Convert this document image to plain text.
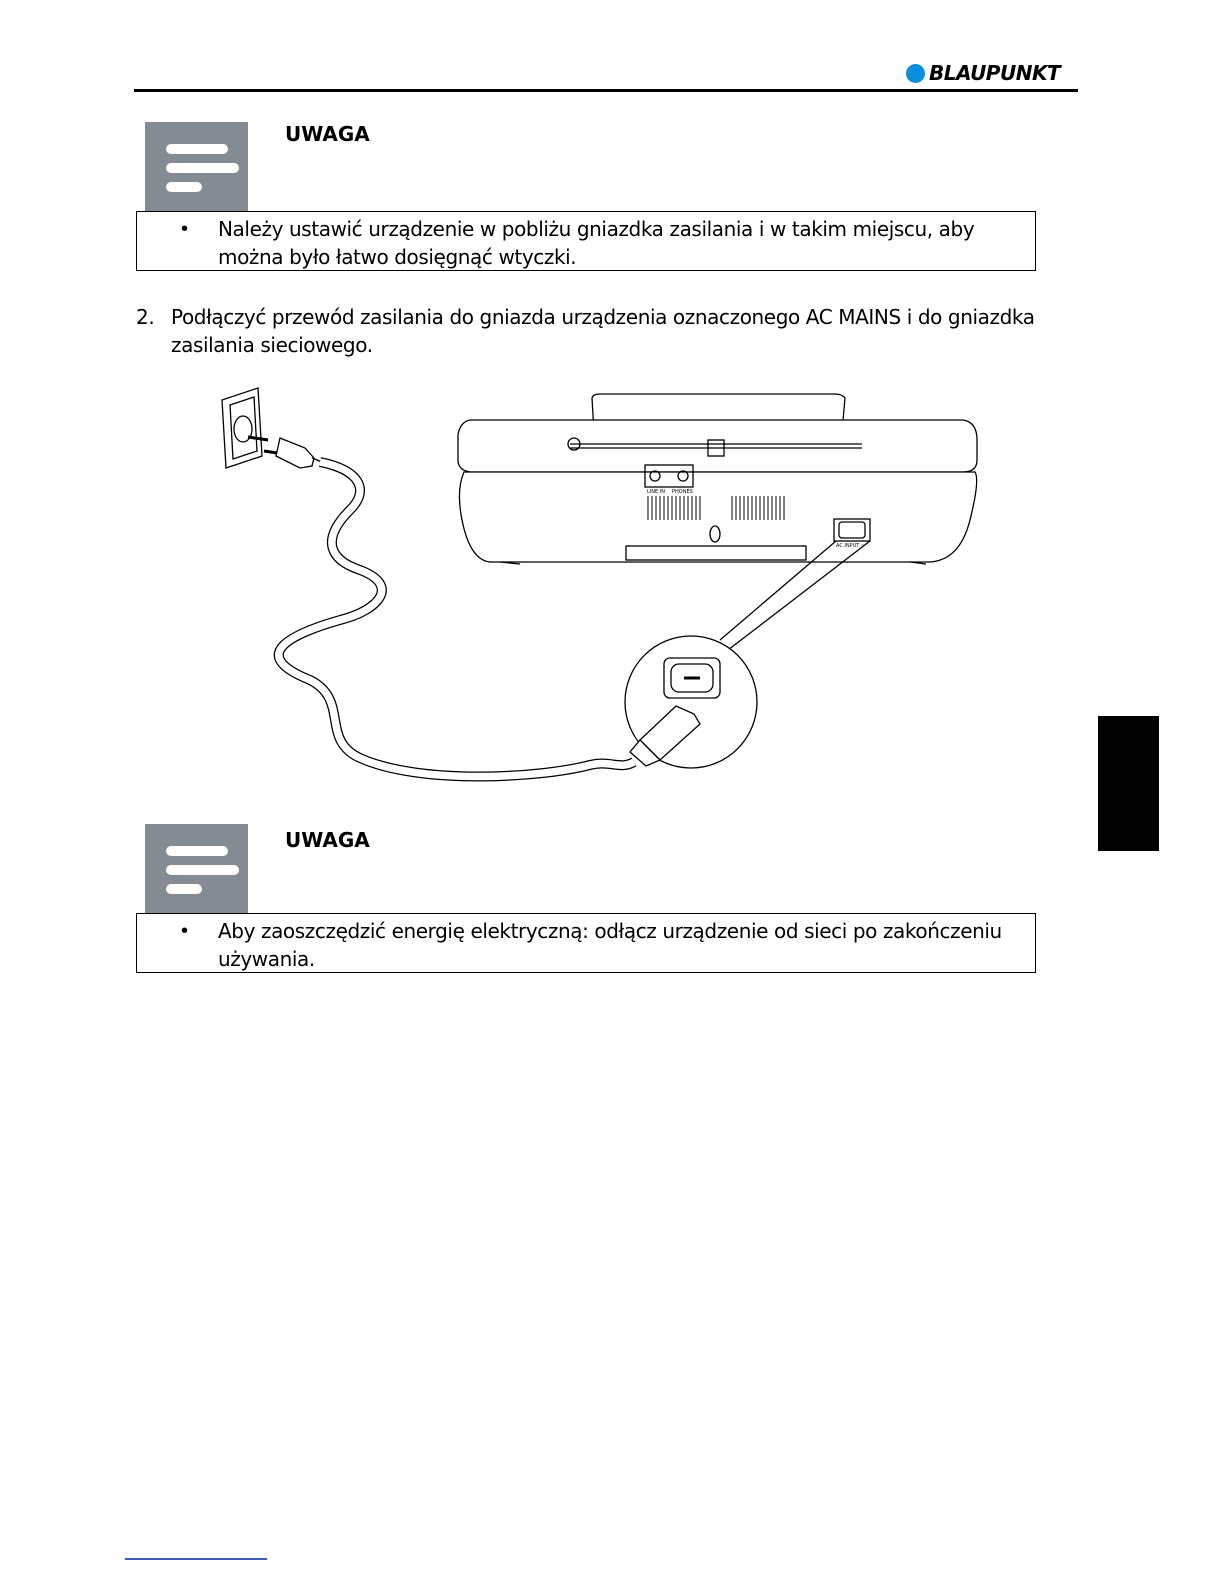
BLAUPUNKT
UWAGA
• Należy ustawić urządzenie w pobliżu gniazdka zasilania i w takim miejscu, aby
można było łatwo dosięgnąć wtyczki.
2. Podłączyć przewód zasilania do gniazda urządzenia oznaczonego AC MAINS i do gniazdka
zasilania sieciowego.
LINE IN PHONES
AC INPUT ~
UWAGA
• Aby zaoszczędzić energię elektryczną: odłącz urządzenie od sieci po zakończeniu
używania.
